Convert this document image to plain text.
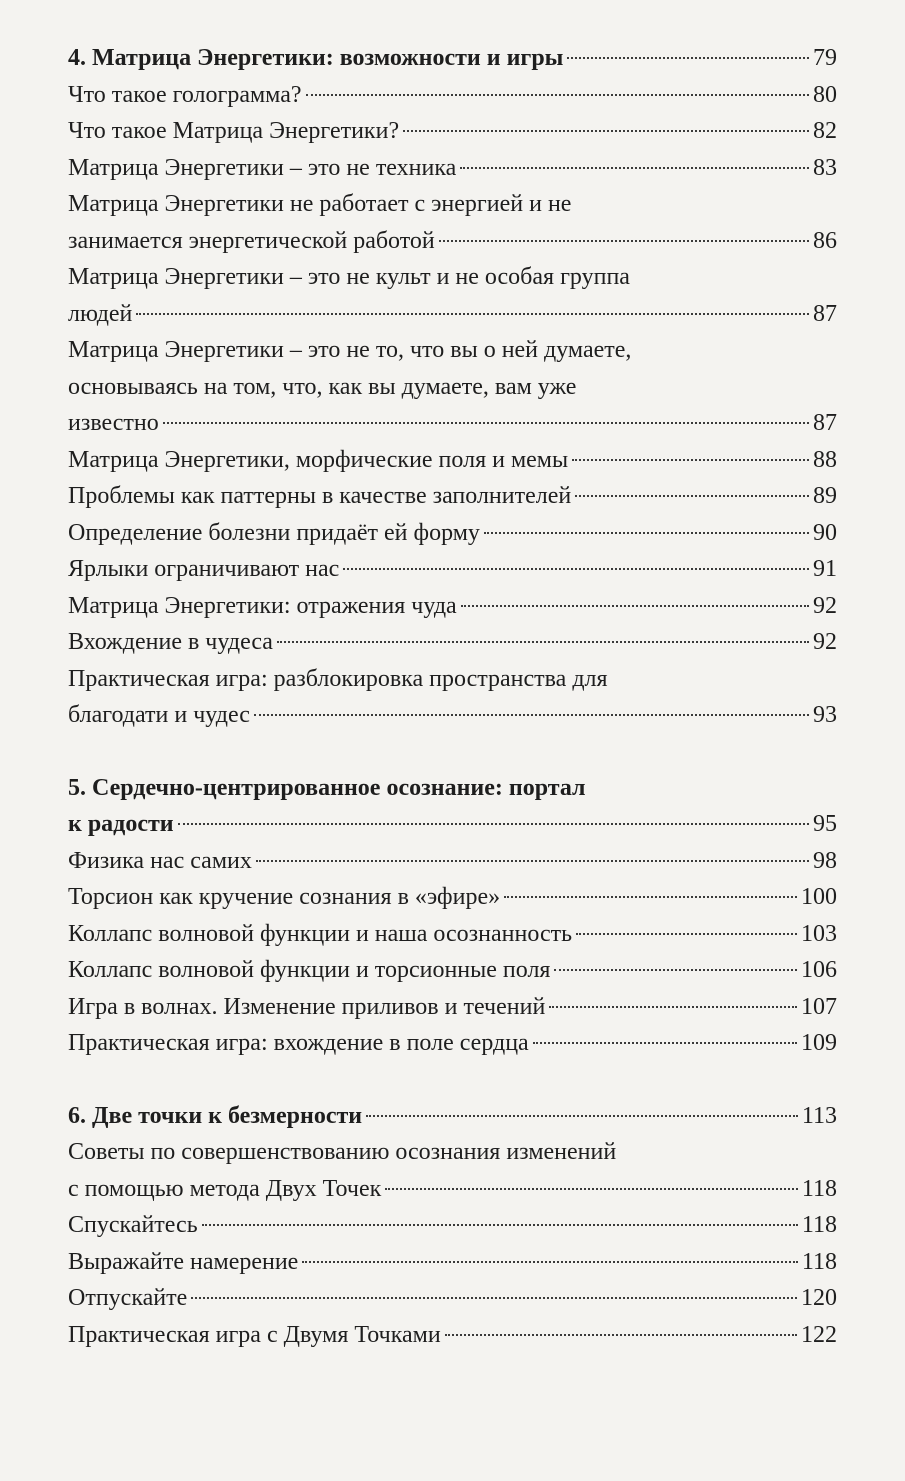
4. Матрица Энергетики: возможности и игры	79
Что такое голограмма?	80
Что такое Матрица Энергетики?	82
Матрица Энергетики – это не техника	83
Матрица Энергетики не работает с энергией и не
занимается энергетической работой	86
Матрица Энергетики – это не культ и не особая группа
людей	87
Матрица Энергетики – это не то, что вы о ней думаете,
основываясь на том, что, как вы думаете, вам уже
известно	87
Матрица Энергетики, морфические поля и мемы	88
Проблемы как паттерны в качестве заполнителей	89
Определение болезни придаёт ей форму	90
Ярлыки ограничивают нас	91
Матрица Энергетики: отражения чуда	92
Вхождение в чудеса	92
Практическая игра: разблокировка пространства для
благодати и чудес	93
5. Сердечно-центрированное осознание: портал
к радости	95
Физика нас самих	98
Торсион как кручение сознания в «эфире»	100
Коллапс волновой функции и наша осознанность	103
Коллапс волновой функции и торсионные поля	106
Игра в волнах. Изменение приливов и течений	107
Практическая игра: вхождение в поле сердца	109
6. Две точки к безмерности	113
Советы по совершенствованию осознания изменений
с помощью метода Двух Точек	118
Спускайтесь	118
Выражайте намерение	118
Отпускайте	120
Практическая игра с Двумя Точками	122
